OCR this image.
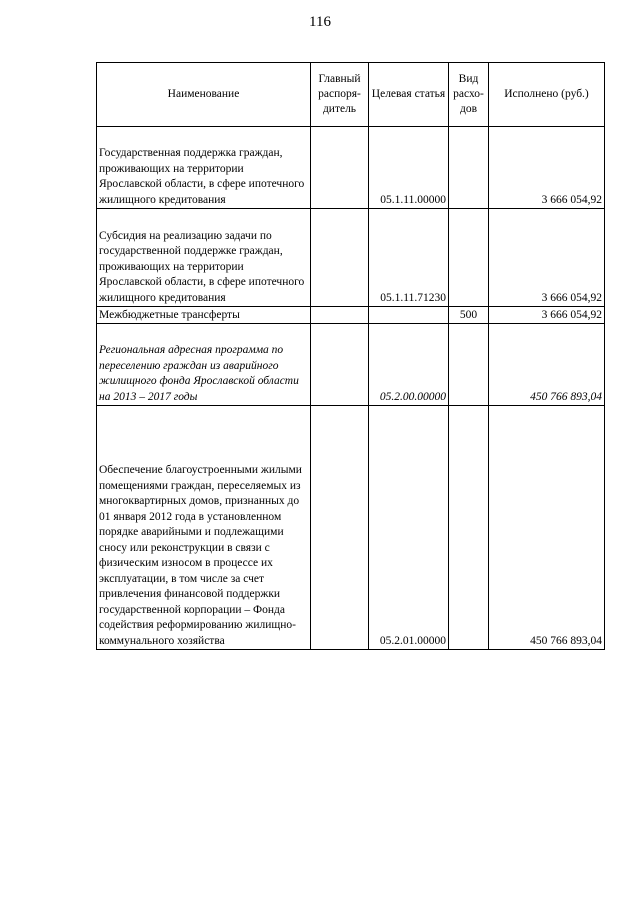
116
Наименование	Главный распоря-дитель	Целевая статья	Вид расхо-дов	Исполнено (руб.)
Государственная поддержка граждан, проживающих на территории Ярославской области, в сфере ипотечного жилищного кредитования		05.1.11.00000		3 666 054,92
Субсидия на реализацию задачи по государственной поддержке граждан, проживающих на территории Ярославской области, в сфере ипотечного жилищного кредитования		05.1.11.71230		3 666 054,92
Межбюджетные трансферты			500	3 666 054,92
Региональная адресная программа по переселению граждан из аварийного жилищного фонда Ярославской области на 2013 – 2017 годы		05.2.00.00000		450 766 893,04
Обеспечение благоустроенными жилыми помещениями граждан, переселяемых из многоквартирных домов, признанных до 01 января 2012 года в установленном порядке аварийными и подлежащими сносу или реконструкции в связи с физическим износом в процессе их эксплуатации, в том числе за счет привлечения финансовой поддержки государственной корпорации – Фонда содействия реформированию жилищно-коммунального хозяйства		05.2.01.00000		450 766 893,04
